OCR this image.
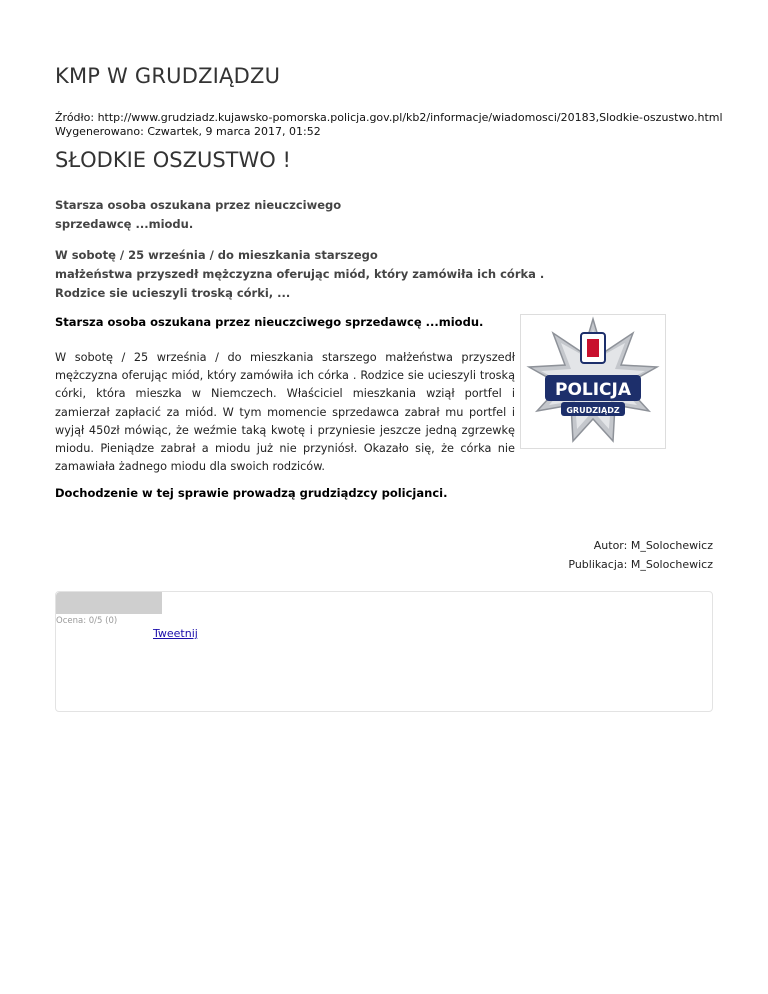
KMP W GRUDZIĄDZU
Źródło: http://www.grudziadz.kujawsko-pomorska.policja.gov.pl/kb2/informacje/wiadomosci/20183,Slodkie-oszustwo.html
Wygenerowano: Czwartek, 9 marca 2017, 01:52
SŁODKIE OSZUSTWO !

Starsza osoba oszukana przez nieuczciwego
sprzedawcę ...miodu.

W sobotę / 25 września / do mieszkania starszego
małżeństwa przyszedł mężczyzna oferując miód, który zamówiła ich córka .
Rodzice sie ucieszyli troską córki, ...

Starsza osoba oszukana przez nieuczciwego sprzedawcę ...miodu.
W sobotę / 25 września / do mieszkania starszego małżeństwa przyszedł mężczyzna oferując miód, który zamówiła ich córka . Rodzice sie ucieszyli troską córki, która mieszka w Niemczech. Właściciel mieszkania wziął portfel i zamierzał zapłacić za miód. W tym momencie sprzedawca zabrał mu portfel i wyjął 450zł mówiąc, że weźmie taką kwotę i przyniesie jeszcze jedną zgrzewkę miodu. Pieniądze zabrał a miodu już nie przyniósł. Okazało się, że córka nie zamawiała żadnego miodu dla swoich rodziców.
POLICJA
GRUDZIĄDZ
Dochodzenie w tej sprawie prowadzą grudziądzcy policjanci.
Autor: M_Solochewicz
Publikacja: M_Solochewicz
Ocena: 0/5 (0)
Tweetnij
